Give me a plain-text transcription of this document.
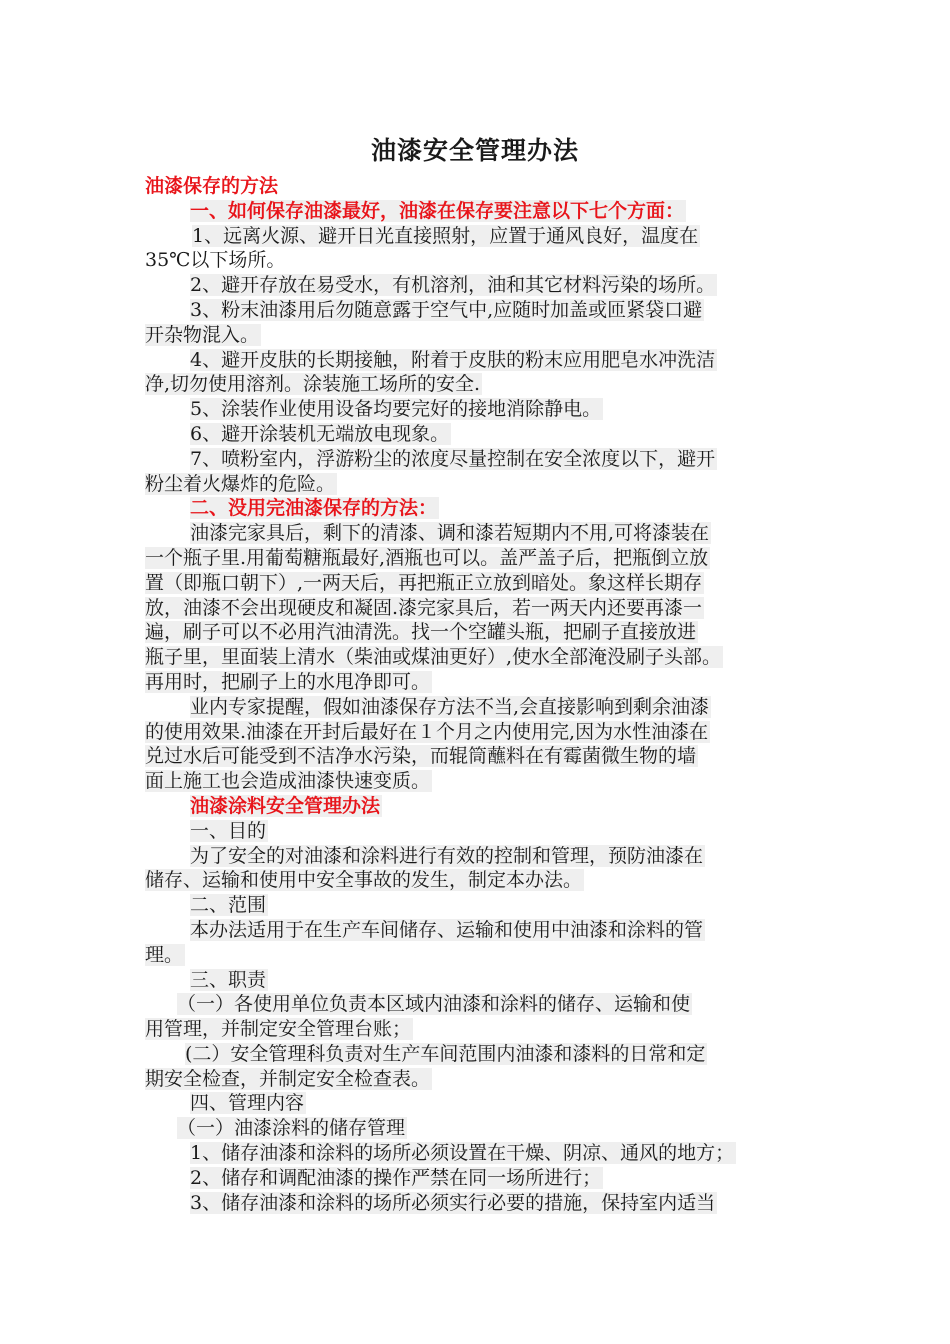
油漆安全管理办法
油漆保存的方法
一、如何保存油漆最好，油漆在保存要注意以下七个方面：
1、远离火源、避开日光直接照射，应置于通风良好，温度在
35℃以下场所。
2、避开存放在易受水，有机溶剂，油和其它材料污染的场所。
3、粉末油漆用后勿随意露于空气中,应随时加盖或匝紧袋口避
开杂物混入。
4、避开皮肤的长期接触，附着于皮肤的粉末应用肥皂水冲洗洁
净,切勿使用溶剂。涂装施工场所的安全.
5、涂装作业使用设备均要完好的接地消除静电。
6、避开涂装机无端放电现象。
7、喷粉室内，浮游粉尘的浓度尽量控制在安全浓度以下，避开
粉尘着火爆炸的危险。
二、没用完油漆保存的方法：
油漆完家具后，剩下的清漆、调和漆若短期内不用,可将漆装在
一个瓶子里.用葡萄糖瓶最好,酒瓶也可以。盖严盖子后，把瓶倒立放
置（即瓶口朝下）,一两天后，再把瓶正立放到暗处。象这样长期存
放，油漆不会出现硬皮和凝固.漆完家具后，若一两天内还要再漆一
遍，刷子可以不必用汽油清洗。找一个空罐头瓶，把刷子直接放进
瓶子里，里面装上清水（柴油或煤油更好）,使水全部淹没刷子头部。
再用时，把刷子上的水甩净即可。
业内专家提醒，假如油漆保存方法不当,会直接影响到剩余油漆
的使用效果.油漆在开封后最好在１个月之内使用完,因为水性油漆在
兑过水后可能受到不洁净水污染，而辊筒蘸料在有霉菌微生物的墙
面上施工也会造成油漆快速变质。
油漆涂料安全管理办法
一、目的
为了安全的对油漆和涂料进行有效的控制和管理，预防油漆在
储存、运输和使用中安全事故的发生，制定本办法。
二、范围
本办法适用于在生产车间储存、运输和使用中油漆和涂料的管
理。
三、职责
（一）各使用单位负责本区域内油漆和涂料的储存、运输和使
用管理，并制定安全管理台账；
(二）安全管理科负责对生产车间范围内油漆和漆料的日常和定
期安全检查，并制定安全检查表。
四、管理内容
（一）油漆涂料的储存管理
1、储存油漆和涂料的场所必须设置在干燥、阴凉、通风的地方；
2、储存和调配油漆的操作严禁在同一场所进行；
3、储存油漆和涂料的场所必须实行必要的措施，保持室内适当
